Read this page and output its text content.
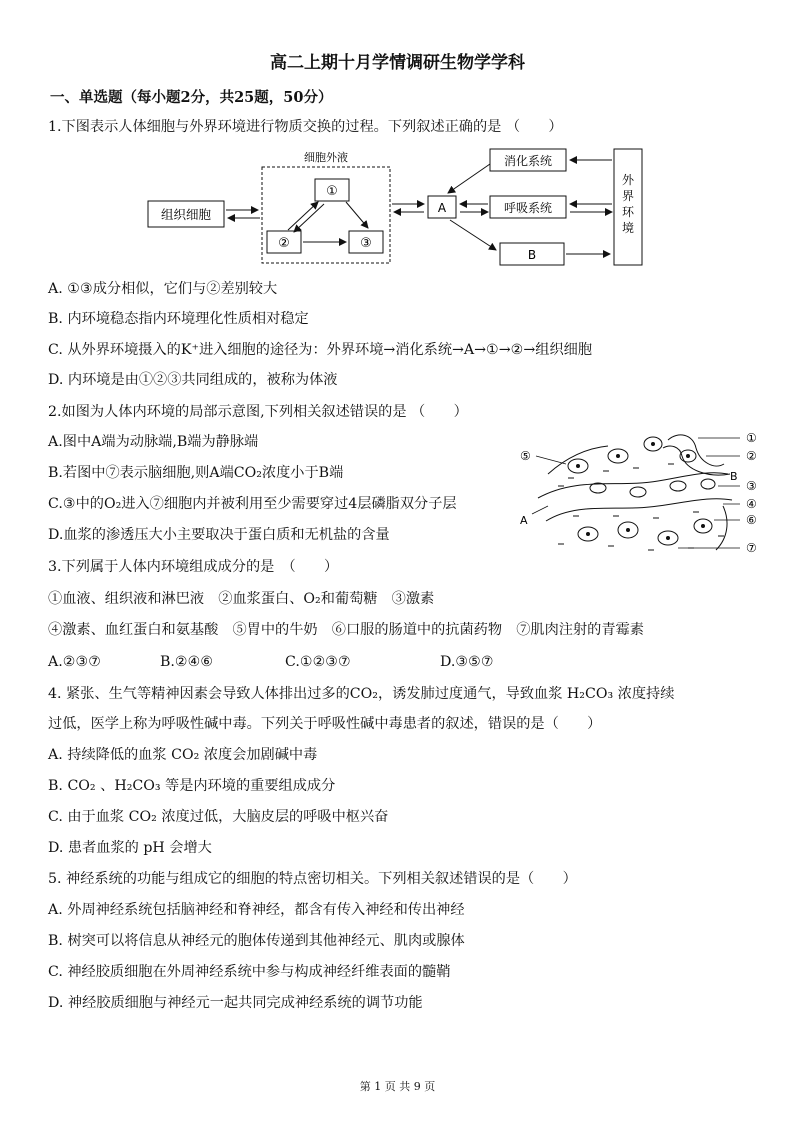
高二上期十月学情调研生物学学科
一、单选题（每小题2分，共25题，50分）
1.下图表示人体细胞与外界环境进行物质交换的过程。下列叙述正确的是 （　　）
细胞外液
组织细胞
①
②	③
A
消化系统
呼吸系统
B
外
界
环
境
A. ①③成分相似，它们与②差别较大
B. 内环境稳态指内环境理化性质相对稳定
C. 从外界环境摄入的K⁺进入细胞的途径为：外界环境→消化系统→A→①→②→组织细胞
D. 内环境是由①②③共同组成的，被称为体液
2.如图为人体内环境的局部示意图,下列相关叙述错误的是 （　　）
A.图中A端为动脉端,B端为静脉端
B.若图中⑦表示脑细胞,则A端CO₂浓度小于B端
C.③中的O₂进入⑦细胞内并被利用至少需要穿过4层磷脂双分子层
D.血浆的渗透压大小主要取决于蛋白质和无机盐的含量
①
②
B
③
④
⑥
⑦
⑤
A
3.下列属于人体内环境组成成分的是　（　　）
①血液、组织液和淋巴液　②血浆蛋白、O₂和葡萄糖　③激素
④激素、血红蛋白和氨基酸　⑤胃中的牛奶　⑥口服的肠道中的抗菌药物　⑦肌肉注射的青霉素
A.②③⑦	B.②④⑥	C.①②③⑦	D.③⑤⑦
4. 紧张、生气等精神因素会导致人体排出过多的CO₂，诱发肺过度通气，导致血浆 H₂CO₃ 浓度持续
过低，医学上称为呼吸性碱中毒。下列关于呼吸性碱中毒患者的叙述，错误的是（　　）
A. 持续降低的血浆 CO₂ 浓度会加剧碱中毒
B. CO₂ 、H₂CO₃ 等是内环境的重要组成成分
C. 由于血浆 CO₂ 浓度过低，大脑皮层的呼吸中枢兴奋
D. 患者血浆的 pH 会增大
5. 神经系统的功能与组成它的细胞的特点密切相关。下列相关叙述错误的是（　　）
A. 外周神经系统包括脑神经和脊神经，都含有传入神经和传出神经
B. 树突可以将信息从神经元的胞体传递到其他神经元、肌肉或腺体
C. 神经胶质细胞在外周神经系统中参与构成神经纤维表面的髓鞘
D. 神经胶质细胞与神经元一起共同完成神经系统的调节功能
第 1 页 共 9 页
